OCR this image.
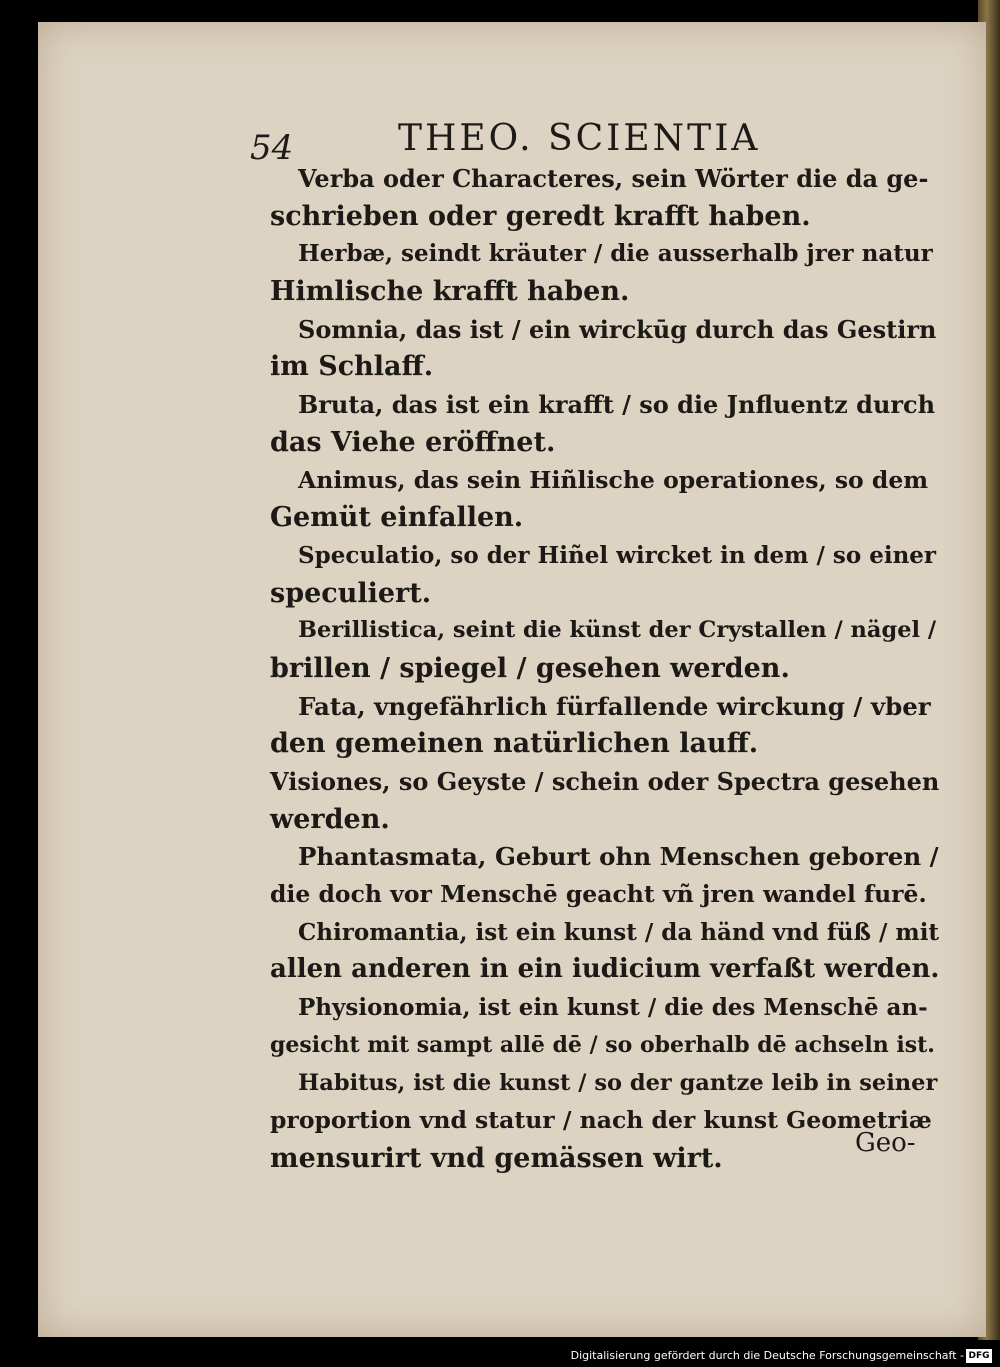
54	THEO. SCIENTIA
Verba oder Characteres, sein Wörter die da ge-
schrieben oder geredt krafft haben.
Herbæ, seindt kräuter / die ausserhalb jrer natur
Himlische krafft haben.
Somnia, das ist / ein wirckūg durch das Gestirn
im Schlaff.
Bruta, das ist ein krafft / so die Jnfluentz durch
das Viehe eröffnet.
Animus, das sein Hiñlische operationes, so dem
Gemüt einfallen.
Speculatio, so der Hiñel wircket in dem / so einer
speculiert.
Berillistica, seint die künst der Crystallen / nägel /
brillen / spiegel / gesehen werden.
Fata, vngefährlich fürfallende wirckung / vber
den gemeinen natürlichen lauff.
Visiones, so Geyste / schein oder Spectra gesehen
werden.
Phantasmata, Geburt ohn Menschen geboren /
die doch vor Menschē geacht vñ jren wandel furē.
Chiromantia, ist ein kunst / da händ vnd füß / mit
allen anderen in ein iudicium verfaßt werden.
Physionomia, ist ein kunst / die des Menschē an-
gesicht mit sampt allē dē / so oberhalb dē achseln ist.
Habitus, ist die kunst / so der gantze leib in seiner
proportion vnd statur / nach der kunst Geometriæ
mensurirt vnd gemässen wirt.	Geo-
Digitalisierung gefördert durch die Deutsche Forschungsgemeinschaft - DFG
